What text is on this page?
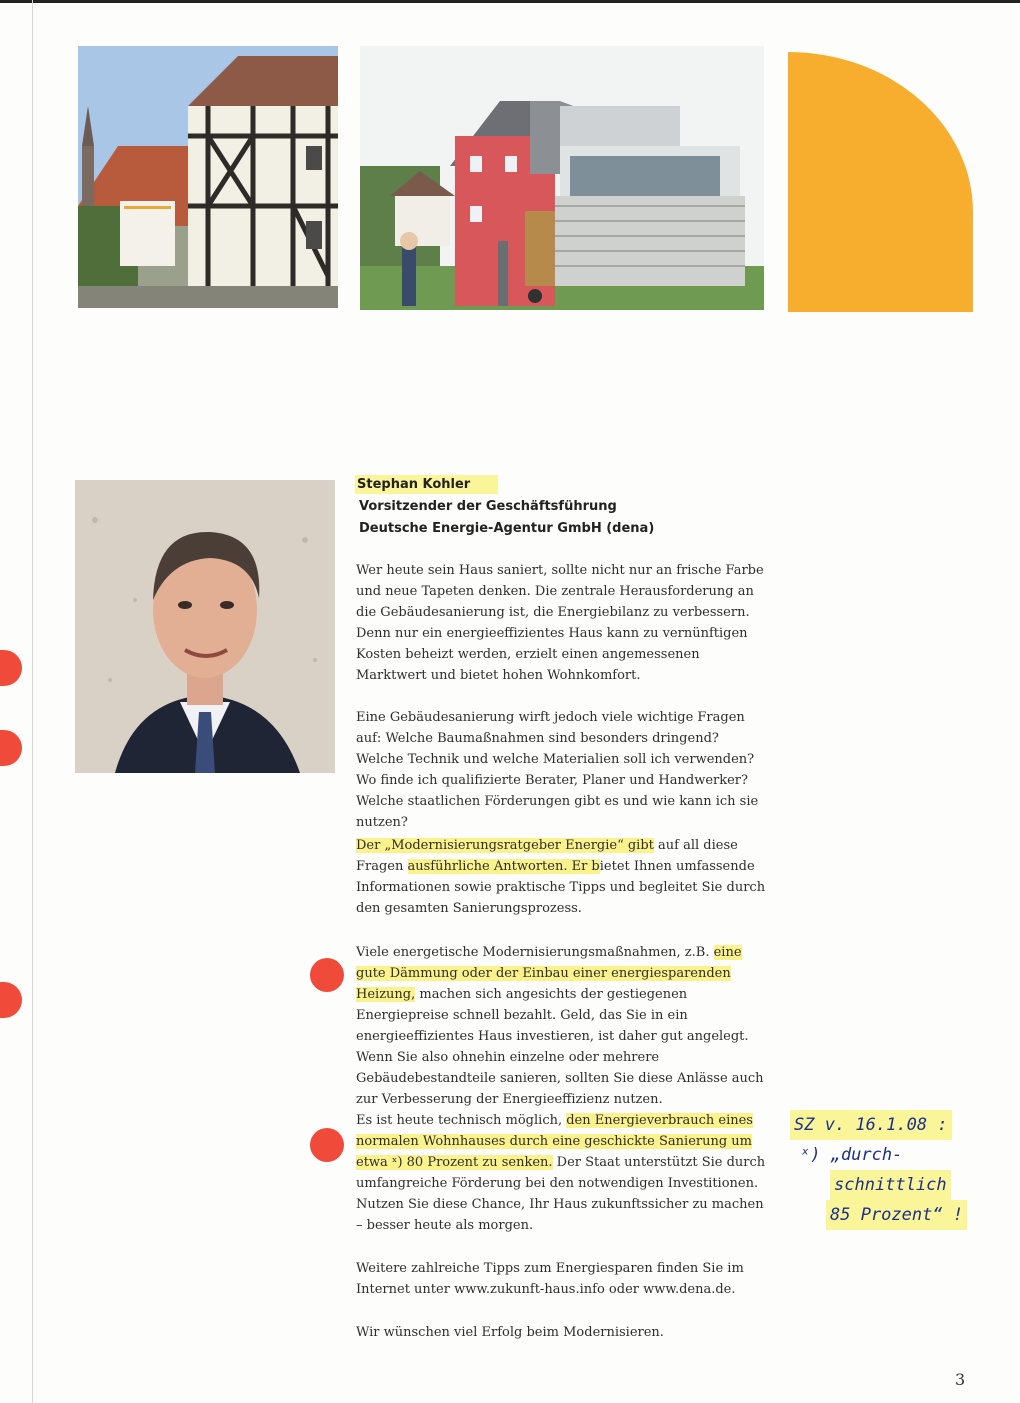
Stephan Kohler
Vorsitzender der Geschäftsführung
Deutsche Energie-Agentur GmbH (dena)

Wer heute sein Haus saniert, sollte nicht nur an frische Farbe und neue Tapeten denken. Die zentrale Herausforderung an die Gebäudesanierung ist, die Energiebilanz zu verbessern. Denn nur ein energieeffizientes Haus kann zu vernünftigen Kosten beheizt werden, erzielt einen angemessenen Marktwert und bietet hohen Wohnkomfort.

Eine Gebäudesanierung wirft jedoch viele wichtige Fragen auf: Welche Baumaßnahmen sind besonders dringend? Welche Technik und welche Materialien soll ich verwenden? Wo finde ich qualifizierte Berater, Planer und Handwerker? Welche staatlichen Förderungen gibt es und wie kann ich sie nutzen?

Der „Modernisierungsratgeber Energie“ gibt auf all diese Fragen ausführliche Antworten. Er bietet Ihnen umfassende Informationen sowie praktische Tipps und begleitet Sie durch den gesamten Sanierungsprozess.

Viele energetische Modernisierungsmaßnahmen, z.B. eine gute Dämmung oder der Einbau einer energiesparenden Heizung, machen sich angesichts der gestiegenen Energiepreise schnell bezahlt. Geld, das Sie in ein energieeffizientes Haus investieren, ist daher gut angelegt. Wenn Sie also ohnehin einzelne oder mehrere Gebäudebestandteile sanieren, sollten Sie diese Anlässe auch zur Verbesserung der Energieeffizienz nutzen.

Es ist heute technisch möglich, den Energieverbrauch eines normalen Wohnhauses durch eine geschickte Sanierung um etwa ˣ) 80 Prozent zu senken. Der Staat unterstützt Sie durch umfangreiche Förderung bei den notwendigen Investitionen. Nutzen Sie diese Chance, Ihr Haus zukunftssicher zu machen – besser heute als morgen.

Weitere zahlreiche Tipps zum Energiesparen finden Sie im Internet unter www.zukunft-haus.info oder www.dena.de.

Wir wünschen viel Erfolg beim Modernisieren.

SZ v. 16.1.08 :
ˣ) „durch-
schnittlich
85 Prozent“ !
3
